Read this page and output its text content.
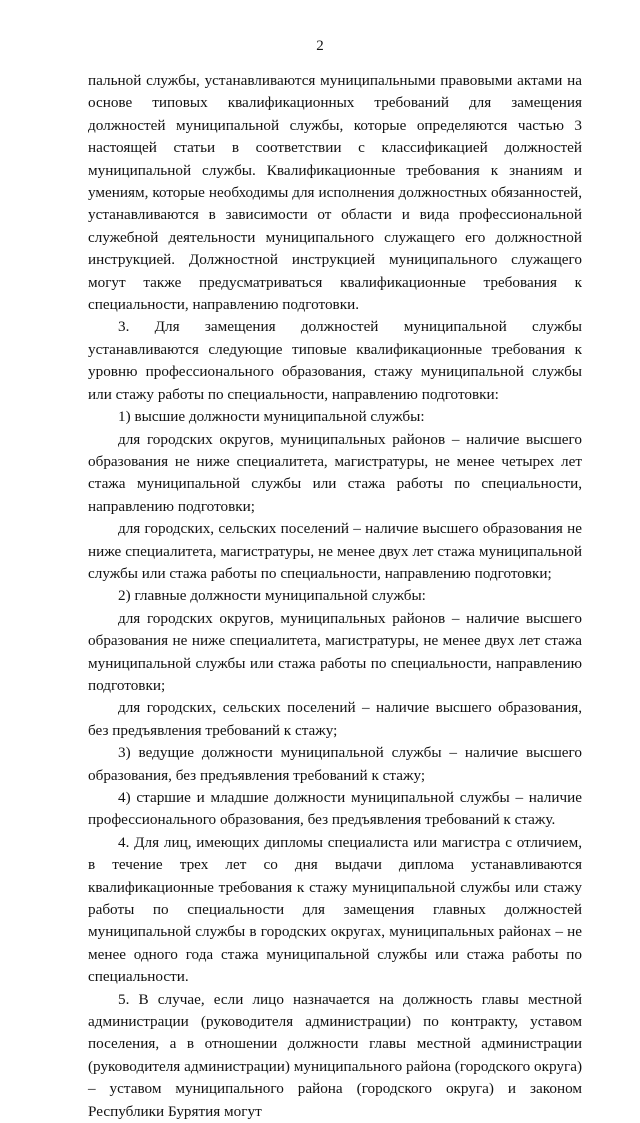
2

пальной службы, устанавливаются муниципальными правовыми актами на основе типовых квалификационных требований для замещения должностей муниципальной службы, которые определяются частью 3 настоящей статьи в соответствии с классификацией должностей муниципальной службы. Квалификационные требования к знаниям и умениям, которые необходимы для исполнения должностных обязанностей, устанавливаются в зависимости от области и вида профессиональной служебной деятельности муниципального служащего его должностной инструкцией. Должностной инструкцией муниципального служащего могут также предусматриваться квалификационные требования к специальности, направлению подготовки.

3. Для замещения должностей муниципальной службы устанавливаются следующие типовые квалификационные требования к уровню профессионального образования, стажу муниципальной службы или стажу работы по специальности, направлению подготовки:

1) высшие должности муниципальной службы:

для городских округов, муниципальных районов – наличие высшего образования не ниже специалитета, магистратуры, не менее четырех лет стажа муниципальной службы или стажа работы по специальности, направлению подготовки;

для городских, сельских поселений – наличие высшего образования не ниже специалитета, магистратуры, не менее двух лет стажа муниципальной службы или стажа работы по специальности, направлению подготовки;

2) главные должности муниципальной службы:

для городских округов, муниципальных районов – наличие высшего образования не ниже специалитета, магистратуры, не менее двух лет стажа муниципальной службы или стажа работы по специальности, направлению подготовки;

для городских, сельских поселений – наличие высшего образования, без предъявления требований к стажу;

3) ведущие должности муниципальной службы – наличие высшего образования, без предъявления требований к стажу;

4) старшие и младшие должности муниципальной службы – наличие профессионального образования, без предъявления требований к стажу.

4. Для лиц, имеющих дипломы специалиста или магистра с отличием, в течение трех лет со дня выдачи диплома устанавливаются квалификационные требования к стажу муниципальной службы или стажу работы по специальности для замещения главных должностей муниципальной службы в городских округах, муниципальных районах – не менее одного года стажа муниципальной службы или стажа работы по специальности.

5. В случае, если лицо назначается на должность главы местной администрации (руководителя администрации) по контракту, уставом поселения, а в отношении должности главы местной администрации (руководителя администрации) муниципального района (городского округа) – уставом муниципального района (городского округа) и законом Республики Бурятия могут
